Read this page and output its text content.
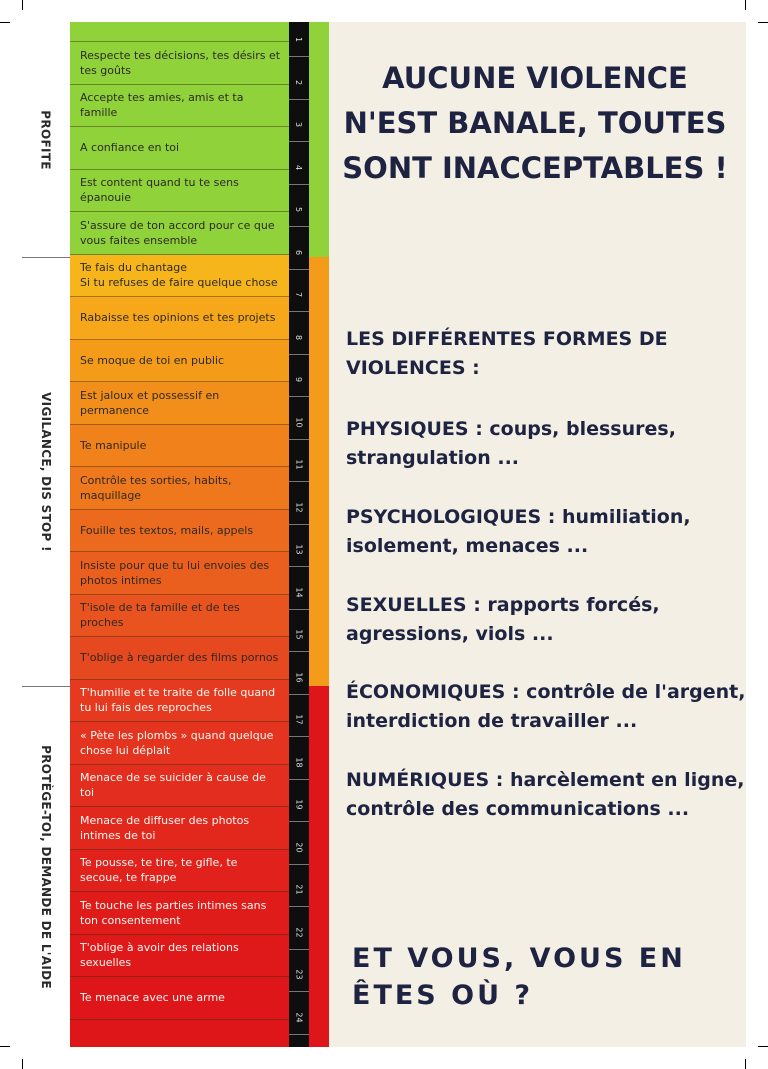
PROFITE
VIGILANCE, DIS STOP !
PROTÈGE-TOI, DEMANDE DE L'AIDE
Respecte tes décisions, tes désirs et tes goûts
Accepte tes amies, amis et ta famille
A confiance en toi
Est content quand tu te sens épanouie
S'assure de ton accord pour ce que vous faites ensemble
Te fais du chantage
Si tu refuses de faire quelque chose
Rabaisse tes opinions et tes projets
Se moque de toi en public
Est jaloux et possessif en permanence
Te manipule
Contrôle tes sorties, habits, maquillage
Fouille tes textos, mails, appels
Insiste pour que tu lui envoies des photos intimes
T'isole de ta famille et de tes proches
T'oblige à regarder des films pornos
T'humilie et te traite de folle quand tu lui fais des reproches
« Pète les plombs » quand quelque chose lui déplait
Menace de se suicider à cause de toi
Menace de diffuser des photos intimes de toi
Te pousse, te tire, te gifle, te secoue, te frappe
Te touche les parties intimes sans ton consentement
T'oblige à avoir des relations sexuelles
Te menace avec une arme
1
2
3
4
5
6
7
8
9
10
11
12
13
14
15
16
17
18
19
20
21
22
23
24
AUCUNE VIOLENCE N'EST BANALE, TOUTES SONT INACCEPTABLES !
LES DIFFÉRENTES FORMES DE VIOLENCES :
PHYSIQUES : coups, blessures, strangulation ...
PSYCHOLOGIQUES : humiliation, isolement, menaces ...
SEXUELLES : rapports forcés, agressions, viols ...
ÉCONOMIQUES : contrôle de l'argent, interdiction de travailler ...
NUMÉRIQUES : harcèlement en ligne, contrôle des communications ...
ET VOUS, VOUS EN ÊTES OÙ ?
